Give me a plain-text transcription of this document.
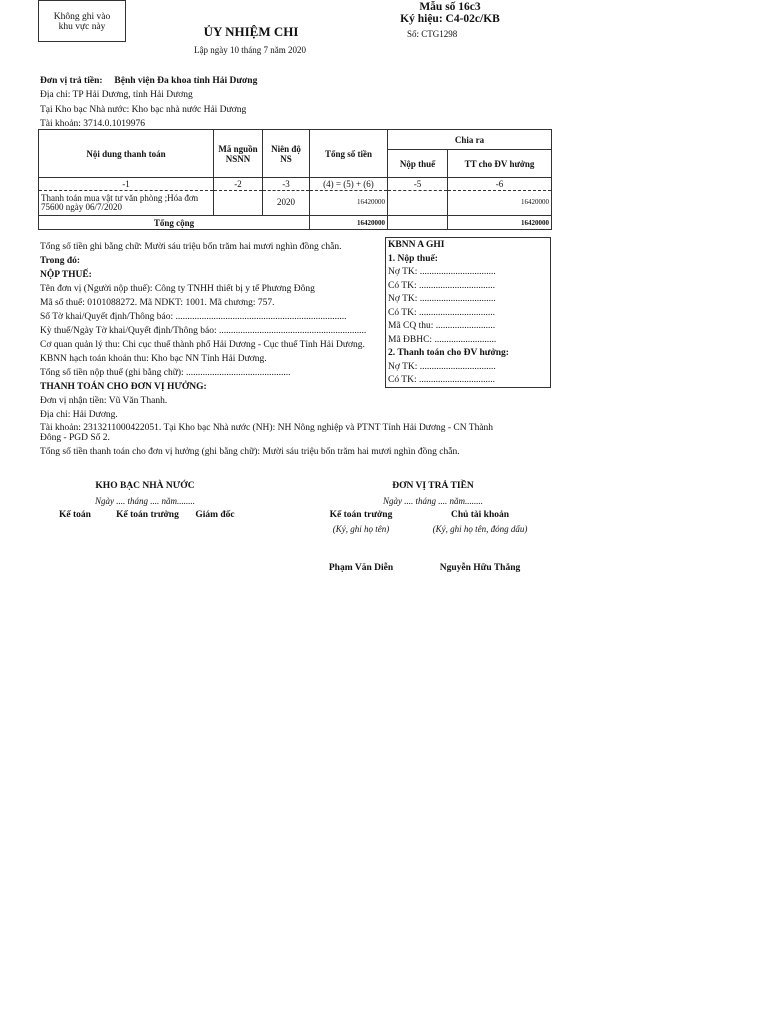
Không ghi vào
khu vực này	ỦY NHIỆM CHI
Lập ngày 10 tháng 7 năm 2020
Mẫu số 16c3
Ký hiệu: C4-02c/KB
Số: CTG1298
Đơn vị trả tiền: Bệnh viện Đa khoa tỉnh Hải Dương
Địa chỉ: TP Hải Dương, tỉnh Hải Dương
Tại Kho bạc Nhà nước: Kho bạc nhà nước Hải Dương
Tài khoản: 3714.0.1019976
Nội dung thanh toán	Mã nguồn NSNN	Niên độ NS	Tổng số tiền	Chia ra	
				Nộp thuế	TT cho ĐV hưởng
-1	-2	-3	(4) = (5) + (6)	-5	-6
Thanh toán mua vật tư văn phòng ;Hóa đơn 75600 ngày 06/7/2020		2020	16420000		16420000
Tổng cộng			16420000		16420000
Tổng số tiền ghi bằng chữ: Mười sáu triệu bốn trăm hai mươi nghìn đồng chẵn.
Trong đó:
NỘP THUẾ:
Tên đơn vị (Người nộp thuế): Công ty TNHH thiết bị y tế Phương Đông
Mã số thuế: 0101088272. Mã NDKT: 1001. Mã chương: 757.
Số Tờ khai/Quyết định/Thông báo: ........................................................................
Kỳ thuế/Ngày Tờ khai/Quyết định/Thông báo: ..............................................................
Cơ quan quản lý thu: Chi cục thuế thành phố Hải Dương - Cục thuế Tỉnh Hải Dương.
KBNN hạch toán khoản thu: Kho bạc NN Tỉnh Hải Dương.
Tổng số tiền nộp thuế (ghi bằng chữ): ............................................
THANH TOÁN CHO ĐƠN VỊ HƯỞNG:
Đơn vị nhận tiền: Vũ Văn Thanh.
Địa chỉ: Hải Dương.
Tài khoản: 2313211000422051. Tại Kho bạc Nhà nước (NH): NH Nông nghiệp và PTNT Tỉnh Hải Dương - CN Thành Đông - PGD Số 2.
Tổng số tiền thanh toán cho đơn vị hưởng (ghi bằng chữ): Mười sáu triệu bốn trăm hai mươi nghìn đồng chẵn.
KBNN A GHI
1. Nộp thuế:
Nợ TK: ................................
Có TK: ................................
Nợ TK: ................................
Có TK: ................................
Mã CQ thu: .........................
Mã ĐBHC: ..........................
2. Thanh toán cho ĐV hưởng:
Nợ TK: ................................
Có TK: ................................
KHO BẠC NHÀ NƯỚC
Ngày .... tháng .... năm........
Kế toán	Kế toán trưởng	Giám đốc
ĐƠN VỊ TRẢ TIỀN
Ngày .... tháng .... năm........
Kế toán trưởng	Chủ tài khoản
(Ký, ghi họ tên)	(Ký, ghi họ tên, đóng dấu)
Phạm Văn Diễn	Nguyễn Hữu Thắng
